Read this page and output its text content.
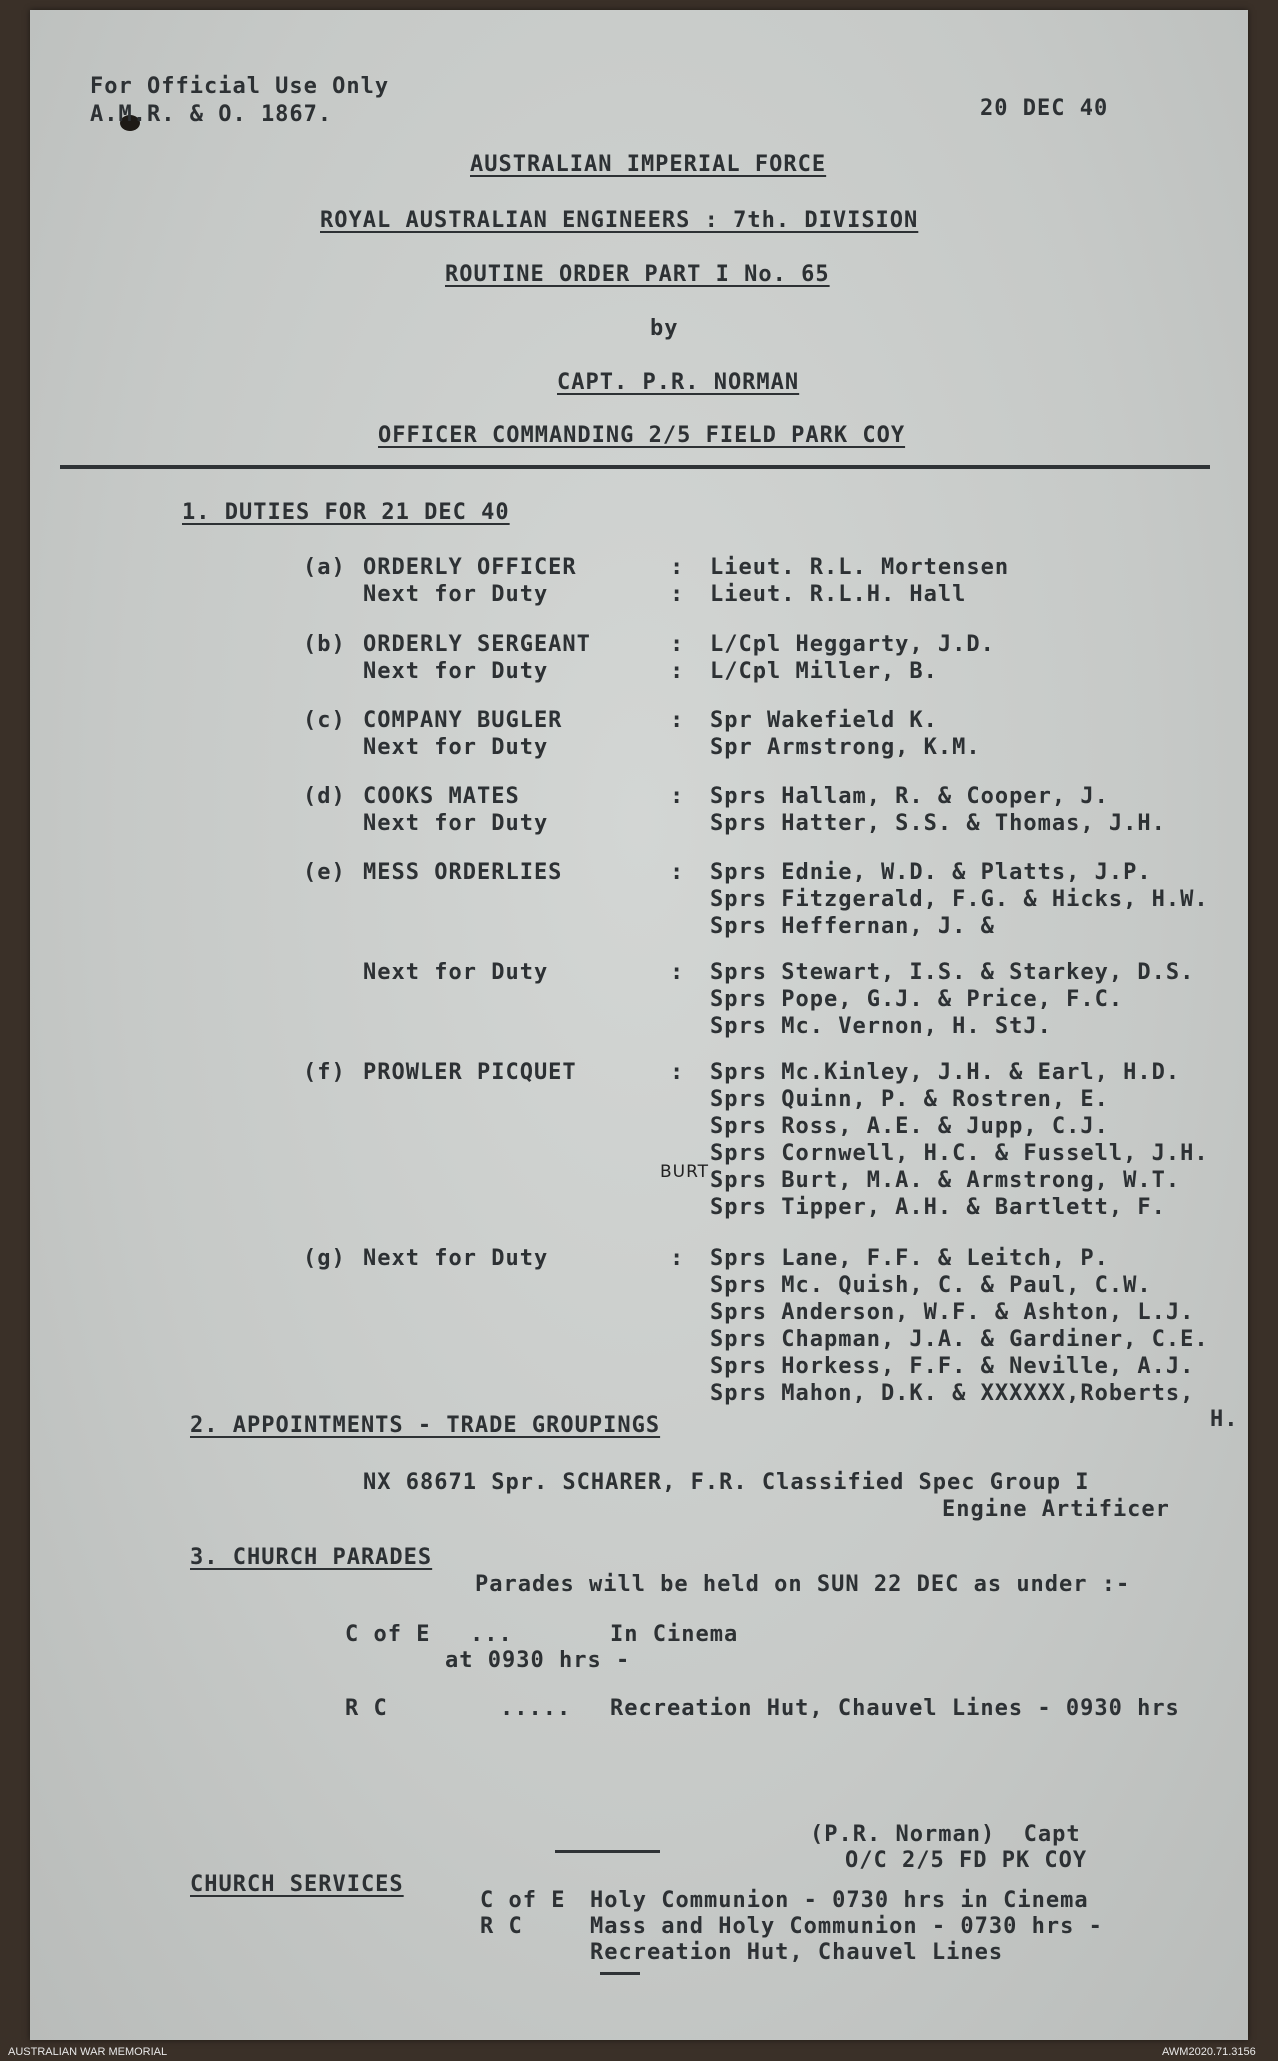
For Official Use Only
A.M.R. & O. 1867.	20 DEC 40
AUSTRALIAN IMPERIAL FORCE
ROYAL AUSTRALIAN ENGINEERS : 7th. DIVISION
ROUTINE ORDER PART I No. 65
by
CAPT. P.R. NORMAN
OFFICER COMMANDING 2/5 FIELD PARK COY
1. DUTIES FOR 21 DEC 40
(a) ORDERLY OFFICER	: Lieut. R.L. Mortensen
Next for Duty	: Lieut. R.L.H. Hall
(b) ORDERLY SERGEANT	: L/Cpl Heggarty, J.D.
Next for Duty	: L/Cpl Miller, B.
(c) COMPANY BUGLER	: Spr Wakefield K.
Next for Duty	Spr Armstrong, K.M.
(d) COOKS MATES	: Sprs Hallam, R. & Cooper, J.
Next for Duty	Sprs Hatter, S.S. & Thomas, J.H.
(e) MESS ORDERLIES	: Sprs Ednie, W.D. & Platts, J.P.
Sprs Fitzgerald, F.G. & Hicks, H.W.
Sprs Heffernan, J. &
Next for Duty	: Sprs Stewart, I.S. & Starkey, D.S.
Sprs Pope, G.J. & Price, F.C.
Sprs Mc. Vernon, H. StJ.
(f) PROWLER PICQUET	: Sprs Mc.Kinley, J.H. & Earl, H.D.
Sprs Quinn, P. & Rostren, E.
Sprs Ross, A.E. & Jupp, C.J.
Sprs Cornwell, H.C. & Fussell, J.H.
BURT Sprs Burt, M.A. & Armstrong, W.T.
Sprs Tipper, A.H. & Bartlett, F.
(g) Next for Duty	: Sprs Lane, F.F. & Leitch, P.
Sprs Mc. Quish, C. & Paul, C.W.
Sprs Anderson, W.F. & Ashton, L.J.
Sprs Chapman, J.A. & Gardiner, C.E.
Sprs Horkess, F.F. & Neville, A.J.
Sprs Mahon, D.K. & XXXXXX,Roberts,
H.
2. APPOINTMENTS - TRADE GROUPINGS
NX 68671 Spr. SCHARER, F.R. Classified Spec Group I
Engine Artificer
3. CHURCH PARADES
Parades will be held on SUN 22 DEC as under :-
C of E ...	In Cinema
at 0930 hrs -
R C	..... Recreation Hut, Chauvel Lines - 0930 hrs
(P.R. Norman)  Capt
O/C 2/5 FD PK COY
CHURCH SERVICES
C of E Holy Communion - 0730 hrs in Cinema
R C	Mass and Holy Communion - 0730 hrs -
Recreation Hut, Chauvel Lines
AUSTRALIAN WAR MEMORIAL	AWM2020.71.3156
